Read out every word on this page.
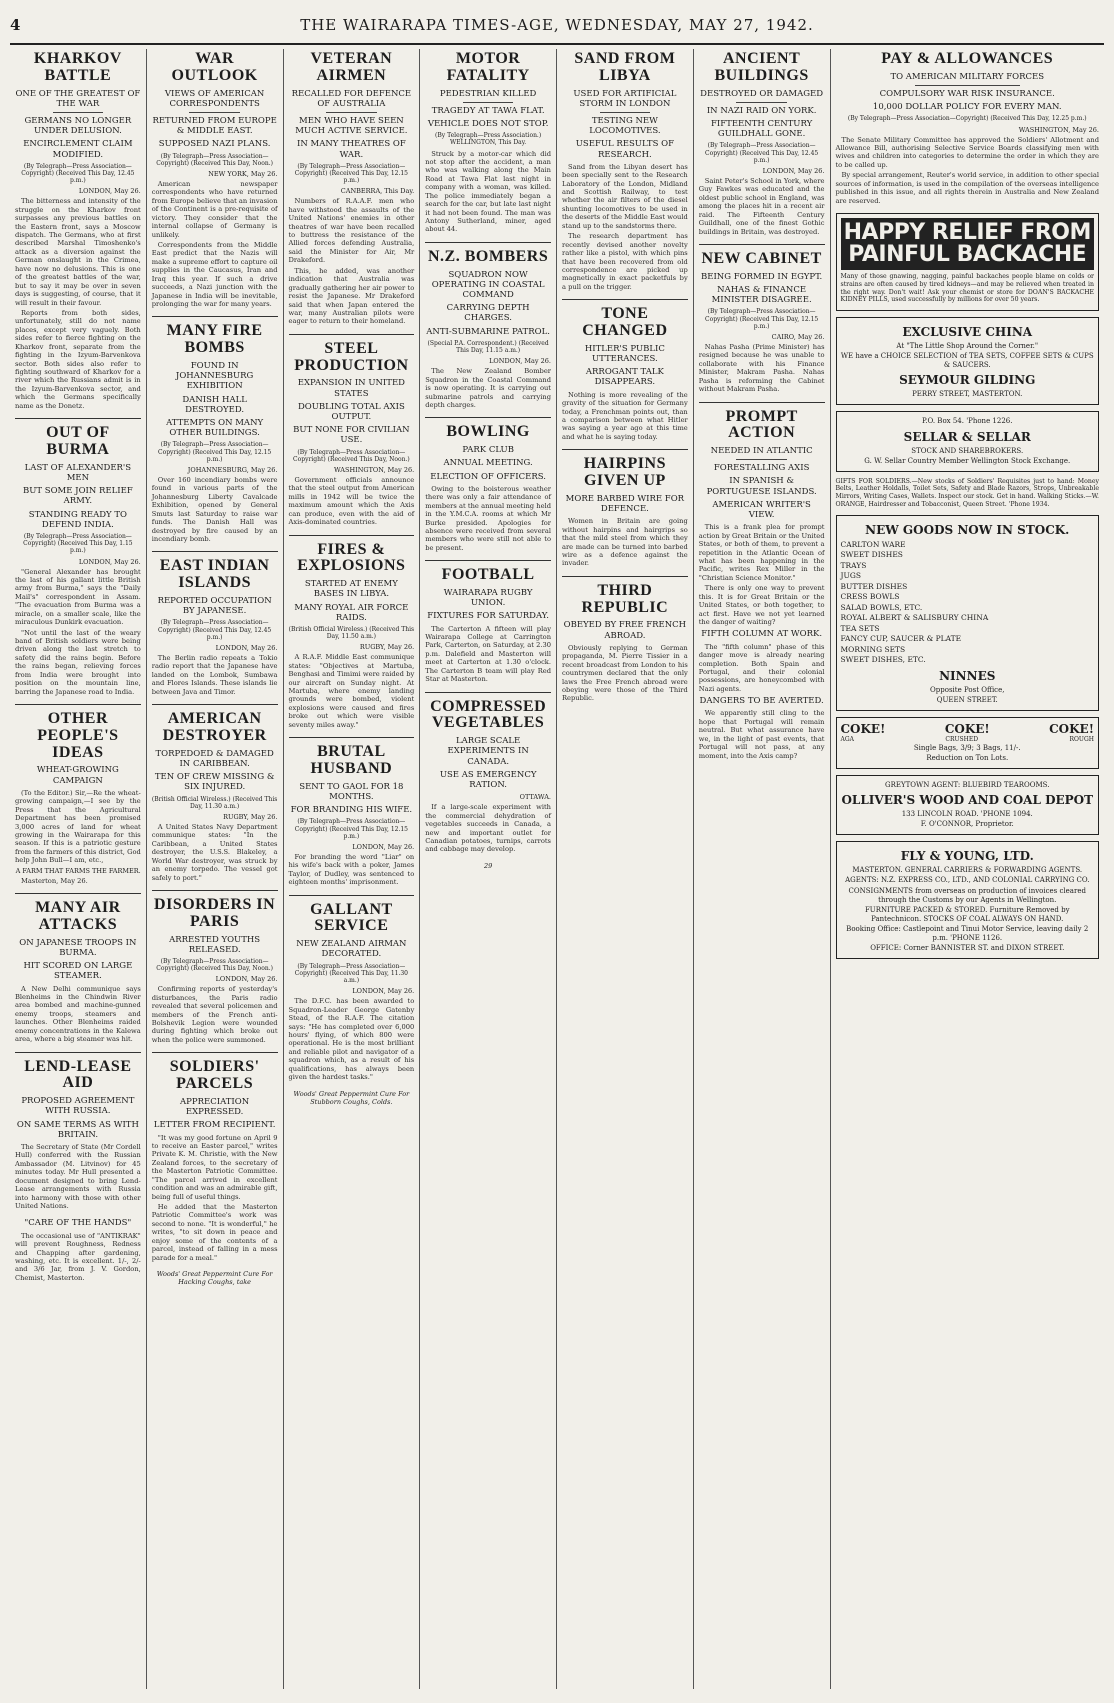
4	THE WAIRARAPA TIMES-AGE, WEDNESDAY, MAY 27, 1942.
KHARKOV BATTLE
ONE OF THE GREATEST OF THE WAR
GERMANS NO LONGER UNDER DELUSION.
ENCIRCLEMENT CLAIM MODIFIED.
(By Telegraph—Press Association—Copyright) (Received This Day, 12.45 p.m.)
LONDON, May 26.

The bitterness and intensity of the struggle on the Kharkov front surpasses any previous battles on the Eastern front, says a Moscow dispatch. The Germans, who at first described Marshal Timoshenko's attack as a diversion against the German onslaught in the Crimea, have now no delusions. This is one of the greatest battles of the war, but to say it may be over in seven days is suggesting, of course, that it will result in their favour.

Reports from both sides, unfortunately, still do not name places, except very vaguely. Both sides refer to fierce fighting on the Kharkov front, separate from the fighting in the Izyum-Barvenkova sector. Both sides also refer to fighting southward of Kharkov for a river which the Russians admit is in the Izyum-Barvenkova sector, and which the Germans specifically name as the Donetz.

OUT OF BURMA
LAST OF ALEXANDER'S MEN
BUT SOME JOIN RELIEF ARMY.
STANDING READY TO DEFEND INDIA.
(By Telegraph—Press Association—Copyright) (Received This Day, 1.15 p.m.)
LONDON, May 26.

"General Alexander has brought the last of his gallant little British army from Burma," says the "Daily Mail's" correspondent in Assam. "The evacuation from Burma was a miracle, on a smaller scale, like the miraculous Dunkirk evacuation.

"Not until the last of the weary band of British soldiers were being driven along the last stretch to safety did the rains begin. Before the rains began, relieving forces from India were brought into position on the mountain line, barring the Japanese road to India.

OTHER PEOPLE'S IDEAS
WHEAT-GROWING CAMPAIGN

(To the Editor.) Sir,—Re the wheat-growing campaign,—I see by the Press that the Agricultural Department has been promised 3,000 acres of land for wheat growing in the Wairarapa for this season. If this is a patriotic gesture from the farmers of this district, God help John Bull—I am, etc.,

A FARM THAT FARMS THE FARMER.

Masterton, May 26.

MANY AIR ATTACKS
ON JAPANESE TROOPS IN BURMA.
HIT SCORED ON LARGE STEAMER.

A New Delhi communique says Blenheims in the Chindwin River area bombed and machine-gunned enemy troops, steamers and launches. Other Blenheims raided enemy concentrations in the Kalewa area, where a big steamer was hit.

LEND-LEASE AID
PROPOSED AGREEMENT WITH RUSSIA.
ON SAME TERMS AS WITH BRITAIN.

The Secretary of State (Mr Cordell Hull) conferred with the Russian Ambassador (M. Litvinov) for 45 minutes today. Mr Hull presented a document designed to bring Lend-Lease arrangements with Russia into harmony with those with other United Nations.

"CARE OF THE HANDS"

The occasional use of "ANTIKRAK" will prevent Roughness, Redness and Chapping after gardening, washing, etc. It is excellent. 1/-, 2/- and 3/6 Jar, from J. V. Gordon, Chemist, Masterton.

WAR OUTLOOK
VIEWS OF AMERICAN CORRESPONDENTS
RETURNED FROM EUROPE & MIDDLE EAST.
SUPPOSED NAZI PLANS.
(By Telegraph—Press Association—Copyright) (Received This Day, Noon.)
NEW YORK, May 26.

American newspaper correspondents who have returned from Europe believe that an invasion of the Continent is a pre-requisite of victory. They consider that the internal collapse of Germany is unlikely.

Correspondents from the Middle East predict that the Nazis will make a supreme effort to capture oil supplies in the Caucasus, Iran and Iraq this year. If such a drive succeeds, a Nazi junction with the Japanese in India will be inevitable, prolonging the war for many years.

MANY FIRE BOMBS
FOUND IN JOHANNESBURG EXHIBITION
DANISH HALL DESTROYED.
ATTEMPTS ON MANY OTHER BUILDINGS.
(By Telegraph—Press Association—Copyright) (Received This Day, 12.15 p.m.)
JOHANNESBURG, May 26.

Over 160 incendiary bombs were found in various parts of the Johannesburg Liberty Cavalcade Exhibition, opened by General Smuts last Saturday to raise war funds. The Danish Hall was destroyed by fire caused by an incendiary bomb.

EAST INDIAN ISLANDS
REPORTED OCCUPATION BY JAPANESE.
(By Telegraph—Press Association—Copyright) (Received This Day, 12.45 p.m.)
LONDON, May 26.

The Berlin radio repeats a Tokio radio report that the Japanese have landed on the Lombok, Sumbawa and Flores Islands. These islands lie between Java and Timor.

AMERICAN DESTROYER
TORPEDOED & DAMAGED IN CARIBBEAN.
TEN OF CREW MISSING & SIX INJURED.
(British Official Wireless.) (Received This Day, 11.30 a.m.)
RUGBY, May 26.

A United States Navy Department communique states: "In the Caribbean, a United States destroyer, the U.S.S. Blakeley, a World War destroyer, was struck by an enemy torpedo. The vessel got safely to port."

DISORDERS IN PARIS
ARRESTED YOUTHS RELEASED.
(By Telegraph—Press Association—Copyright) (Received This Day, Noon.)
LONDON, May 26.

Confirming reports of yesterday's disturbances, the Paris radio revealed that several policemen and members of the French anti-Bolshevik Legion were wounded during fighting which broke out when the police were summoned.

SOLDIERS' PARCELS
APPRECIATION EXPRESSED.
LETTER FROM RECIPIENT.

"It was my good fortune on April 9 to receive an Easter parcel," writes Private K. M. Christie, with the New Zealand forces, to the secretary of the Masterton Patriotic Committee. "The parcel arrived in excellent condition and was an admirable gift, being full of useful things.

He added that the Masterton Patriotic Committee's work was second to none. "It is wonderful," he writes, "to sit down in peace and enjoy some of the contents of a parcel, instead of falling in a mess parade for a meal."

Woods' Great Peppermint Cure For Hacking Coughs, take
VETERAN AIRMEN
RECALLED FOR DEFENCE OF AUSTRALIA
MEN WHO HAVE SEEN MUCH ACTIVE SERVICE.
IN MANY THEATRES OF WAR.
(By Telegraph—Press Association—Copyright) (Received This Day, 12.15 p.m.)
CANBERRA, This Day.

Numbers of R.A.A.F. men who have withstood the assaults of the United Nations' enemies in other theatres of war have been recalled to buttress the resistance of the Allied forces defending Australia, said the Minister for Air, Mr Drakeford.

This, he added, was another indication that Australia was gradually gathering her air power to resist the Japanese. Mr Drakeford said that when Japan entered the war, many Australian pilots were eager to return to their homeland.

STEEL PRODUCTION
EXPANSION IN UNITED STATES
DOUBLING TOTAL AXIS OUTPUT.
BUT NONE FOR CIVILIAN USE.
(By Telegraph—Press Association—Copyright) (Received This Day, Noon.)
WASHINGTON, May 26.

Government officials announce that the steel output from American mills in 1942 will be twice the maximum amount which the Axis can produce, even with the aid of Axis-dominated countries.

FIRES & EXPLOSIONS
STARTED AT ENEMY BASES IN LIBYA.
MANY ROYAL AIR FORCE RAIDS.
(British Official Wireless.) (Received This Day, 11.50 a.m.)
RUGBY, May 26.

A R.A.F. Middle East communique states: "Objectives at Martuba, Benghasi and Timimi were raided by our aircraft on Sunday night. At Martuba, where enemy landing grounds were bombed, violent explosions were caused and fires broke out which were visible seventy miles away."

BRUTAL HUSBAND
SENT TO GAOL FOR 18 MONTHS.
FOR BRANDING HIS WIFE.
(By Telegraph—Press Association—Copyright) (Received This Day, 12.15 p.m.)
LONDON, May 26.

For branding the word "Liar" on his wife's back with a poker, James Taylor, of Dudley, was sentenced to eighteen months' imprisonment.

GALLANT SERVICE
NEW ZEALAND AIRMAN DECORATED.
(By Telegraph—Press Association—Copyright) (Received This Day, 11.30 a.m.)
LONDON, May 26.

The D.F.C. has been awarded to Squadron-Leader George Gatenby Stead, of the R.A.F. The citation says: "He has completed over 6,000 hours' flying, of which 800 were operational. He is the most brilliant and reliable pilot and navigator of a squadron which, as a result of his qualifications, has always been given the hardest tasks."

Woods' Great Peppermint Cure For Stubborn Coughs, Colds.
MOTOR FATALITY
PEDESTRIAN KILLED
TRAGEDY AT TAWA FLAT.
VEHICLE DOES NOT STOP.
(By Telegraph—Press Association.) WELLINGTON, This Day.

Struck by a motor-car which did not stop after the accident, a man who was walking along the Main Road at Tawa Flat last night in company with a woman, was killed. The police immediately began a search for the car, but late last night it had not been found. The man was Antony Sutherland, miner, aged about 44.

N.Z. BOMBERS
SQUADRON NOW OPERATING IN COASTAL COMMAND
CARRYING DEPTH CHARGES.
ANTI-SUBMARINE PATROL.
(Special P.A. Correspondent.) (Received This Day, 11.15 a.m.)
LONDON, May 26.

The New Zealand Bomber Squadron in the Coastal Command is now operating. It is carrying out submarine patrols and carrying depth charges.

BOWLING
PARK CLUB
ANNUAL MEETING.
ELECTION OF OFFICERS.

Owing to the boisterous weather there was only a fair attendance of members at the annual meeting held in the Y.M.C.A. rooms at which Mr Burke presided. Apologies for absence were received from several members who were still not able to be present.

FOOTBALL
WAIRARAPA RUGBY UNION.
FIXTURES FOR SATURDAY.

The Carterton A fifteen will play Wairarapa College at Carrington Park, Carterton, on Saturday, at 2.30 p.m. Dalefield and Masterton will meet at Carterton at 1.30 o'clock. The Carterton B team will play Red Star at Masterton.

COMPRESSED VEGETABLES
LARGE SCALE EXPERIMENTS IN CANADA.
USE AS EMERGENCY RATION.
OTTAWA.

If a large-scale experiment with the commercial dehydration of vegetables succeeds in Canada, a new and important outlet for Canadian potatoes, turnips, carrots and cabbage may develop.

29
SAND FROM LIBYA
USED FOR ARTIFICIAL STORM IN LONDON
TESTING NEW LOCOMOTIVES.
USEFUL RESULTS OF RESEARCH.

Sand from the Libyan desert has been specially sent to the Research Laboratory of the London, Midland and Scottish Railway, to test whether the air filters of the diesel shunting locomotives to be used in the deserts of the Middle East would stand up to the sandstorms there.

The research department has recently devised another novelty rather like a pistol, with which pins that have been recovered from old correspondence are picked up magnetically in exact packetfuls by a pull on the trigger.

TONE CHANGED
HITLER'S PUBLIC UTTERANCES.
ARROGANT TALK DISAPPEARS.

Nothing is more revealing of the gravity of the situation for Germany today, a Frenchman points out, than a comparison between what Hitler was saying a year ago at this time and what he is saying today.

HAIRPINS GIVEN UP
MORE BARBED WIRE FOR DEFENCE.

Women in Britain are going without hairpins and hairgrips so that the mild steel from which they are made can be turned into barbed wire as a defence against the invader.

THIRD REPUBLIC
OBEYED BY FREE FRENCH ABROAD.

Obviously replying to German propaganda, M. Pierre Tissier in a recent broadcast from London to his countrymen declared that the only laws the Free French abroad were obeying were those of the Third Republic.

ANCIENT BUILDINGS
DESTROYED OR DAMAGED
IN NAZI RAID ON YORK.
FIFTEENTH CENTURY GUILDHALL GONE.
(By Telegraph—Press Association—Copyright) (Received This Day, 12.45 p.m.)
LONDON, May 26.

Saint Peter's School in York, where Guy Fawkes was educated and the oldest public school in England, was among the places hit in a recent air raid. The Fifteenth Century Guildhall, one of the finest Gothic buildings in Britain, was destroyed.

NEW CABINET
BEING FORMED IN EGYPT.
NAHAS & FINANCE MINISTER DISAGREE.
(By Telegraph—Press Association—Copyright) (Received This Day, 12.15 p.m.)
CAIRO, May 26.

Nahas Pasha (Prime Minister) has resigned because he was unable to collaborate with his Finance Minister, Makram Pasha. Nahas Pasha is reforming the Cabinet without Makram Pasha.

PROMPT ACTION
NEEDED IN ATLANTIC
FORESTALLING AXIS
IN SPANISH & PORTUGUESE ISLANDS.
AMERICAN WRITER'S VIEW.

This is a frank plea for prompt action by Great Britain or the United States, or both of them, to prevent a repetition in the Atlantic Ocean of what has been happening in the Pacific, writes Rex Miller in the "Christian Science Monitor."

There is only one way to prevent this. It is for Great Britain or the United States, or both together, to act first. Have we not yet learned the danger of waiting?

FIFTH COLUMN AT WORK.

The "fifth column" phase of this danger move is already nearing completion. Both Spain and Portugal, and their colonial possessions, are honeycombed with Nazi agents.

DANGERS TO BE AVERTED.

We apparently still cling to the hope that Portugal will remain neutral. But what assurance have we, in the light of past events, that Portugal will not pass, at any moment, into the Axis camp?

PAY & ALLOWANCES
TO AMERICAN MILITARY FORCES
COMPULSORY WAR RISK INSURANCE.
10,000 DOLLAR POLICY FOR EVERY MAN.
(By Telegraph—Press Association—Copyright) (Received This Day, 12.25 p.m.)
WASHINGTON, May 26.

The Senate Military Committee has approved the Soldiers' Allotment and Allowance Bill, authorising Selective Service Boards classifying men with wives and children into categories to determine the order in which they are to be called up.

By special arrangement, Reuter's world service, in addition to other special sources of information, is used in the compilation of the overseas intelligence published in this issue, and all rights therein in Australia and New Zealand are reserved.

HAPPY RELIEF FROM PAINFUL BACKACHE

Many of those gnawing, nagging, painful backaches people blame on colds or strains are often caused by tired kidneys—and may be relieved when treated in the right way. Don't wait! Ask your chemist or store for DOAN'S BACKACHE KIDNEY PILLS, used successfully by millions for over 50 years.

EXCLUSIVE CHINA
At "The Little Shop Around the Corner."
WE have a CHOICE SELECTION of TEA SETS, COFFEE SETS & CUPS & SAUCERS.
SEYMOUR GILDING
PERRY STREET, MASTERTON.
P.O. Box 54. 'Phone 1226.
SELLAR & SELLAR
STOCK AND SHAREBROKERS.
G. W. Sellar Country Member Wellington Stock Exchange.

GIFTS FOR SOLDIERS.—New stocks of Soldiers' Requisites just to hand: Money Belts, Leather Holdalls, Toilet Sets, Safety and Blade Razors, Strops, Unbreakable Mirrors, Writing Cases, Wallets. Inspect our stock. Get in hand. Walking Sticks.—W. ORANGE, Hairdresser and Tobacconist, Queen Street. 'Phone 1934.

NEW GOODS NOW IN STOCK.

CARLTON WARE

SWEET DISHES

TRAYS

JUGS

BUTTER DISHES

CRESS BOWLS

SALAD BOWLS, ETC.

ROYAL ALBERT & SALISBURY CHINA

TEA SETS

FANCY CUP, SAUCER & PLATE

MORNING SETS

SWEET DISHES, ETC.

NINNES
Opposite Post Office,
QUEEN STREET.
COKE!	COKE!	COKE!
AGA	CRUSHED	ROUGH
Single Bags, 3/9; 3 Bags, 11/-.
Reduction on Ton Lots.
GREYTOWN AGENT: BLUEBIRD TEAROOMS.
OLLIVER'S WOOD AND COAL DEPOT
133 LINCOLN ROAD. 'PHONE 1094.
F. O'CONNOR, Proprietor.
FLY & YOUNG, LTD.
MASTERTON. GENERAL CARRIERS & FORWARDING AGENTS.
AGENTS: N.Z. EXPRESS CO., LTD., AND COLONIAL CARRYING CO.
CONSIGNMENTS from overseas on production of invoices cleared through the Customs by our Agents in Wellington.
FURNITURE PACKED & STORED. Furniture Removed by Pantechnicon. STOCKS OF COAL ALWAYS ON HAND.
Booking Office: Castlepoint and Tinui Motor Service, leaving daily 2 p.m. 'PHONE 1126.
OFFICE: Corner BANNISTER ST. and DIXON STREET.
